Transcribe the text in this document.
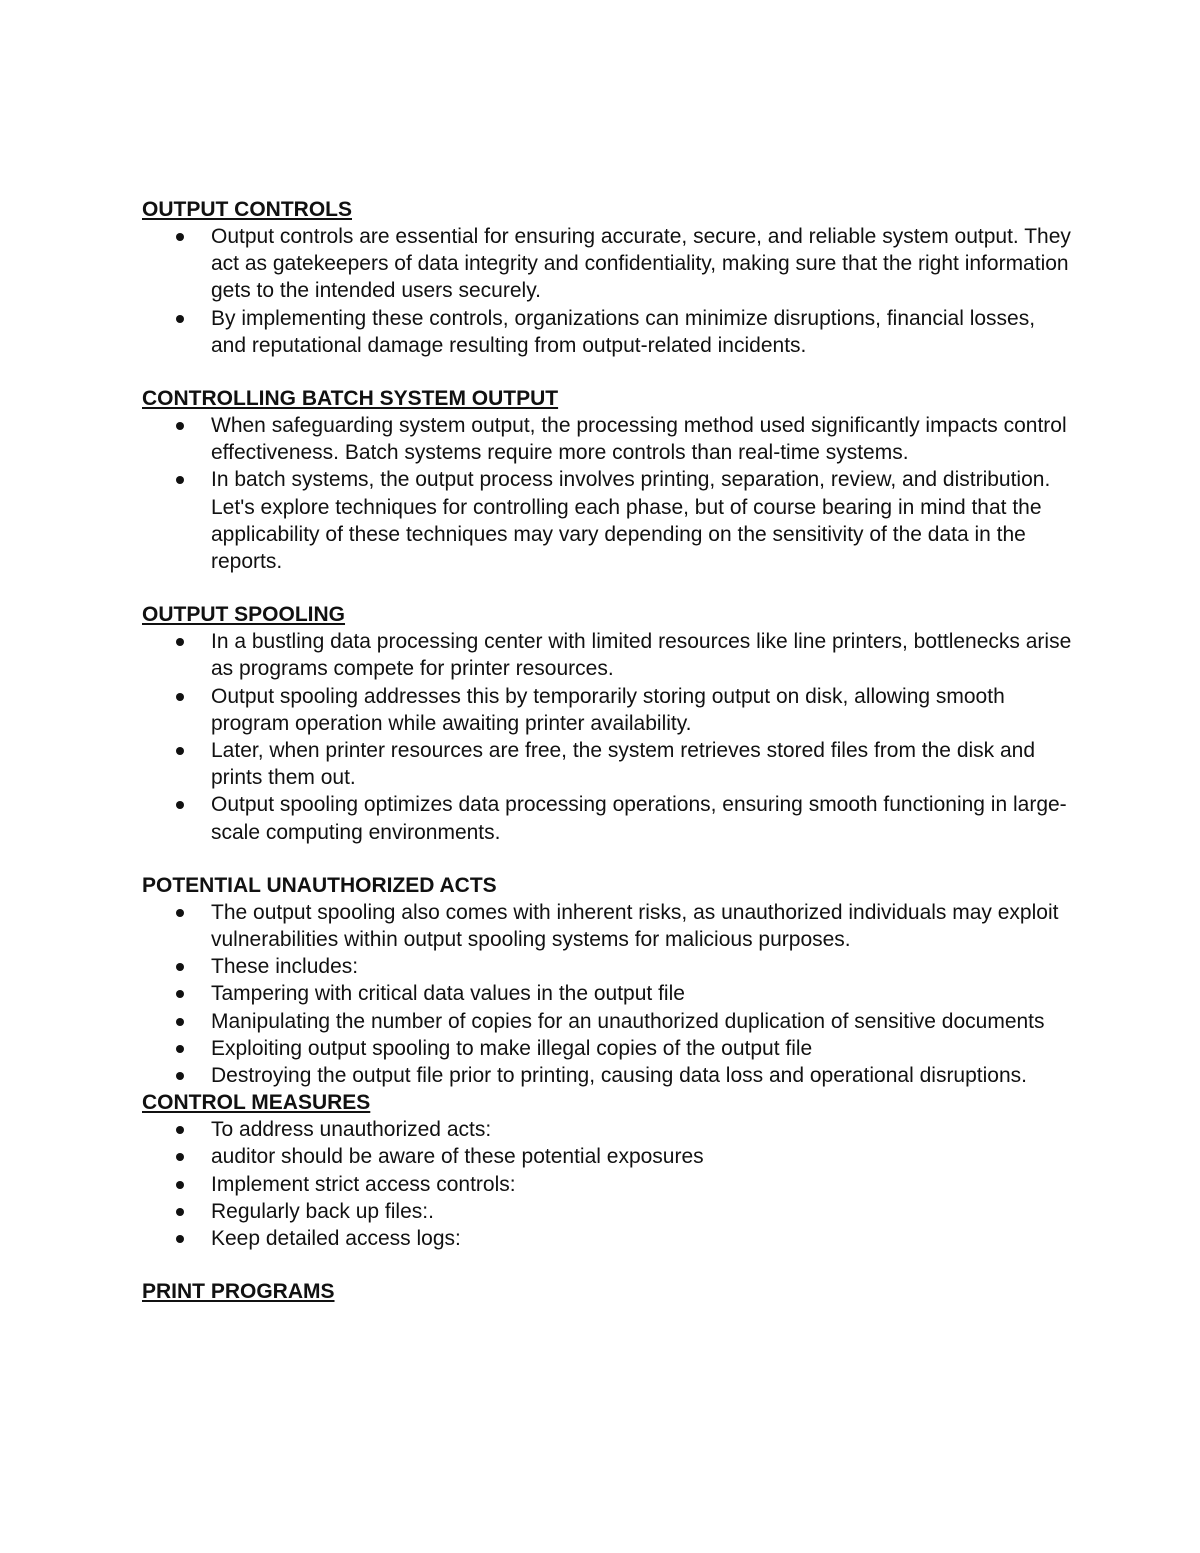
OUTPUT CONTROLS
Output controls are essential for ensuring accurate, secure, and reliable system output. They act as gatekeepers of data integrity and confidentiality, making sure that the right information gets to the intended users securely.
By implementing these controls, organizations can minimize disruptions, financial losses, and reputational damage resulting from output-related incidents.
CONTROLLING BATCH SYSTEM OUTPUT
When safeguarding system output, the processing method used significantly impacts control effectiveness. Batch systems require more controls than real-time systems.
In batch systems, the output process involves printing, separation, review, and distribution. Let's explore techniques for controlling each phase, but of course bearing in mind that the applicability of these techniques may vary depending on the sensitivity of the data in the reports.
OUTPUT SPOOLING
In a bustling data processing center with limited resources like line printers, bottlenecks arise as programs compete for printer resources.
Output spooling addresses this by temporarily storing output on disk, allowing smooth program operation while awaiting printer availability.
Later, when printer resources are free, the system retrieves stored files from the disk and prints them out.
Output spooling optimizes data processing operations, ensuring smooth functioning in large-scale computing environments.
POTENTIAL UNAUTHORIZED ACTS
The output spooling also comes with inherent risks, as unauthorized individuals may exploit vulnerabilities within output spooling systems for malicious purposes.
These includes:
Tampering with critical data values in the output file
Manipulating the number of copies for an unauthorized duplication of sensitive documents
Exploiting output spooling to make illegal copies of the output file
Destroying the output file prior to printing, causing data loss and operational disruptions.
CONTROL MEASURES
To address unauthorized acts:
auditor should be aware of these potential exposures
Implement strict access controls:
Regularly back up files:.
Keep detailed access logs:
PRINT PROGRAMS
